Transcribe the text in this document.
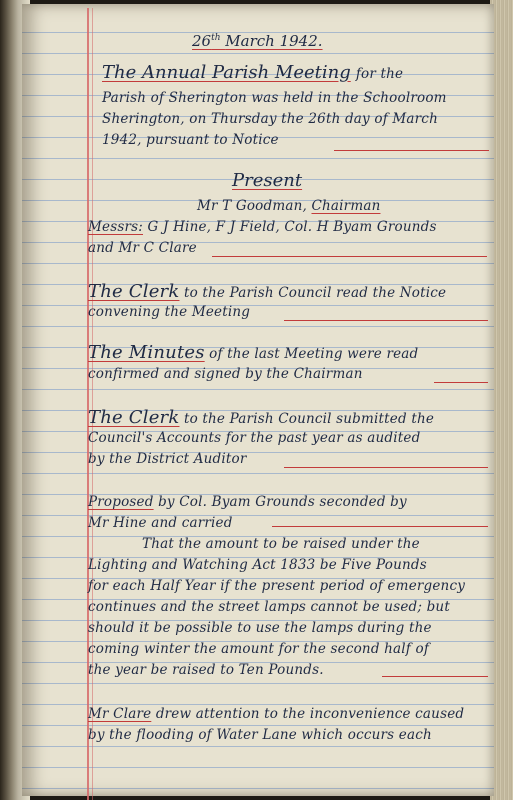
26th March 1942.
The Annual Parish Meeting for the
Parish of Sherington was held in the Schoolroom
Sherington, on Thursday the 26th day of March
1942, pursuant to Notice
Present
Mr T Goodman, Chairman
Messrs: G J Hine, F J Field, Col. H Byam Grounds
and Mr C Clare
The Clerk to the Parish Council read the Notice
convening the Meeting
The Minutes of the last Meeting were read
confirmed and signed by the Chairman
The Clerk to the Parish Council submitted the
Council's Accounts for the past year as audited
by the District Auditor
Proposed by Col. Byam Grounds seconded by
Mr Hine and carried
That the amount to be raised under the
Lighting and Watching Act 1833 be Five Pounds
for each Half Year if the present period of emergency
continues and the street lamps cannot be used; but
should it be possible to use the lamps during the
coming winter the amount for the second half of
the year be raised to Ten Pounds.
Mr Clare drew attention to the inconvenience caused
by the flooding of Water Lane which occurs each
